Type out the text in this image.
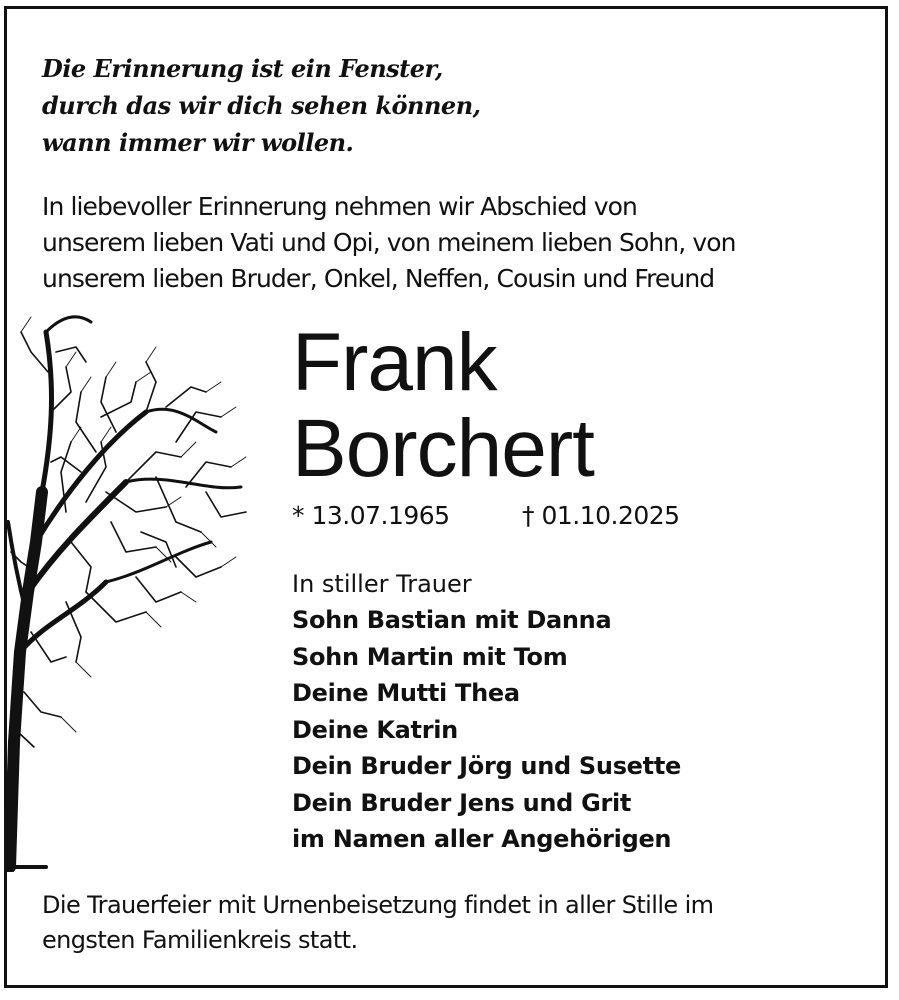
Die Erinnerung ist ein Fenster,
durch das wir dich sehen können,
wann immer wir wollen.
In liebevoller Erinnerung nehmen wir Abschied von
unserem lieben Vati und Opi, von meinem lieben Sohn, von
unserem lieben Bruder, Onkel, Neffen, Cousin und Freund
Frank
Borchert
* 13.07.1965	† 01.10.2025
In stiller Trauer
Sohn Bastian mit Danna
Sohn Martin mit Tom
Deine Mutti Thea
Deine Katrin
Dein Bruder Jörg und Susette
Dein Bruder Jens und Grit
im Namen aller Angehörigen
Die Trauerfeier mit Urnenbeisetzung findet in aller Stille im
engsten Familienkreis statt.
